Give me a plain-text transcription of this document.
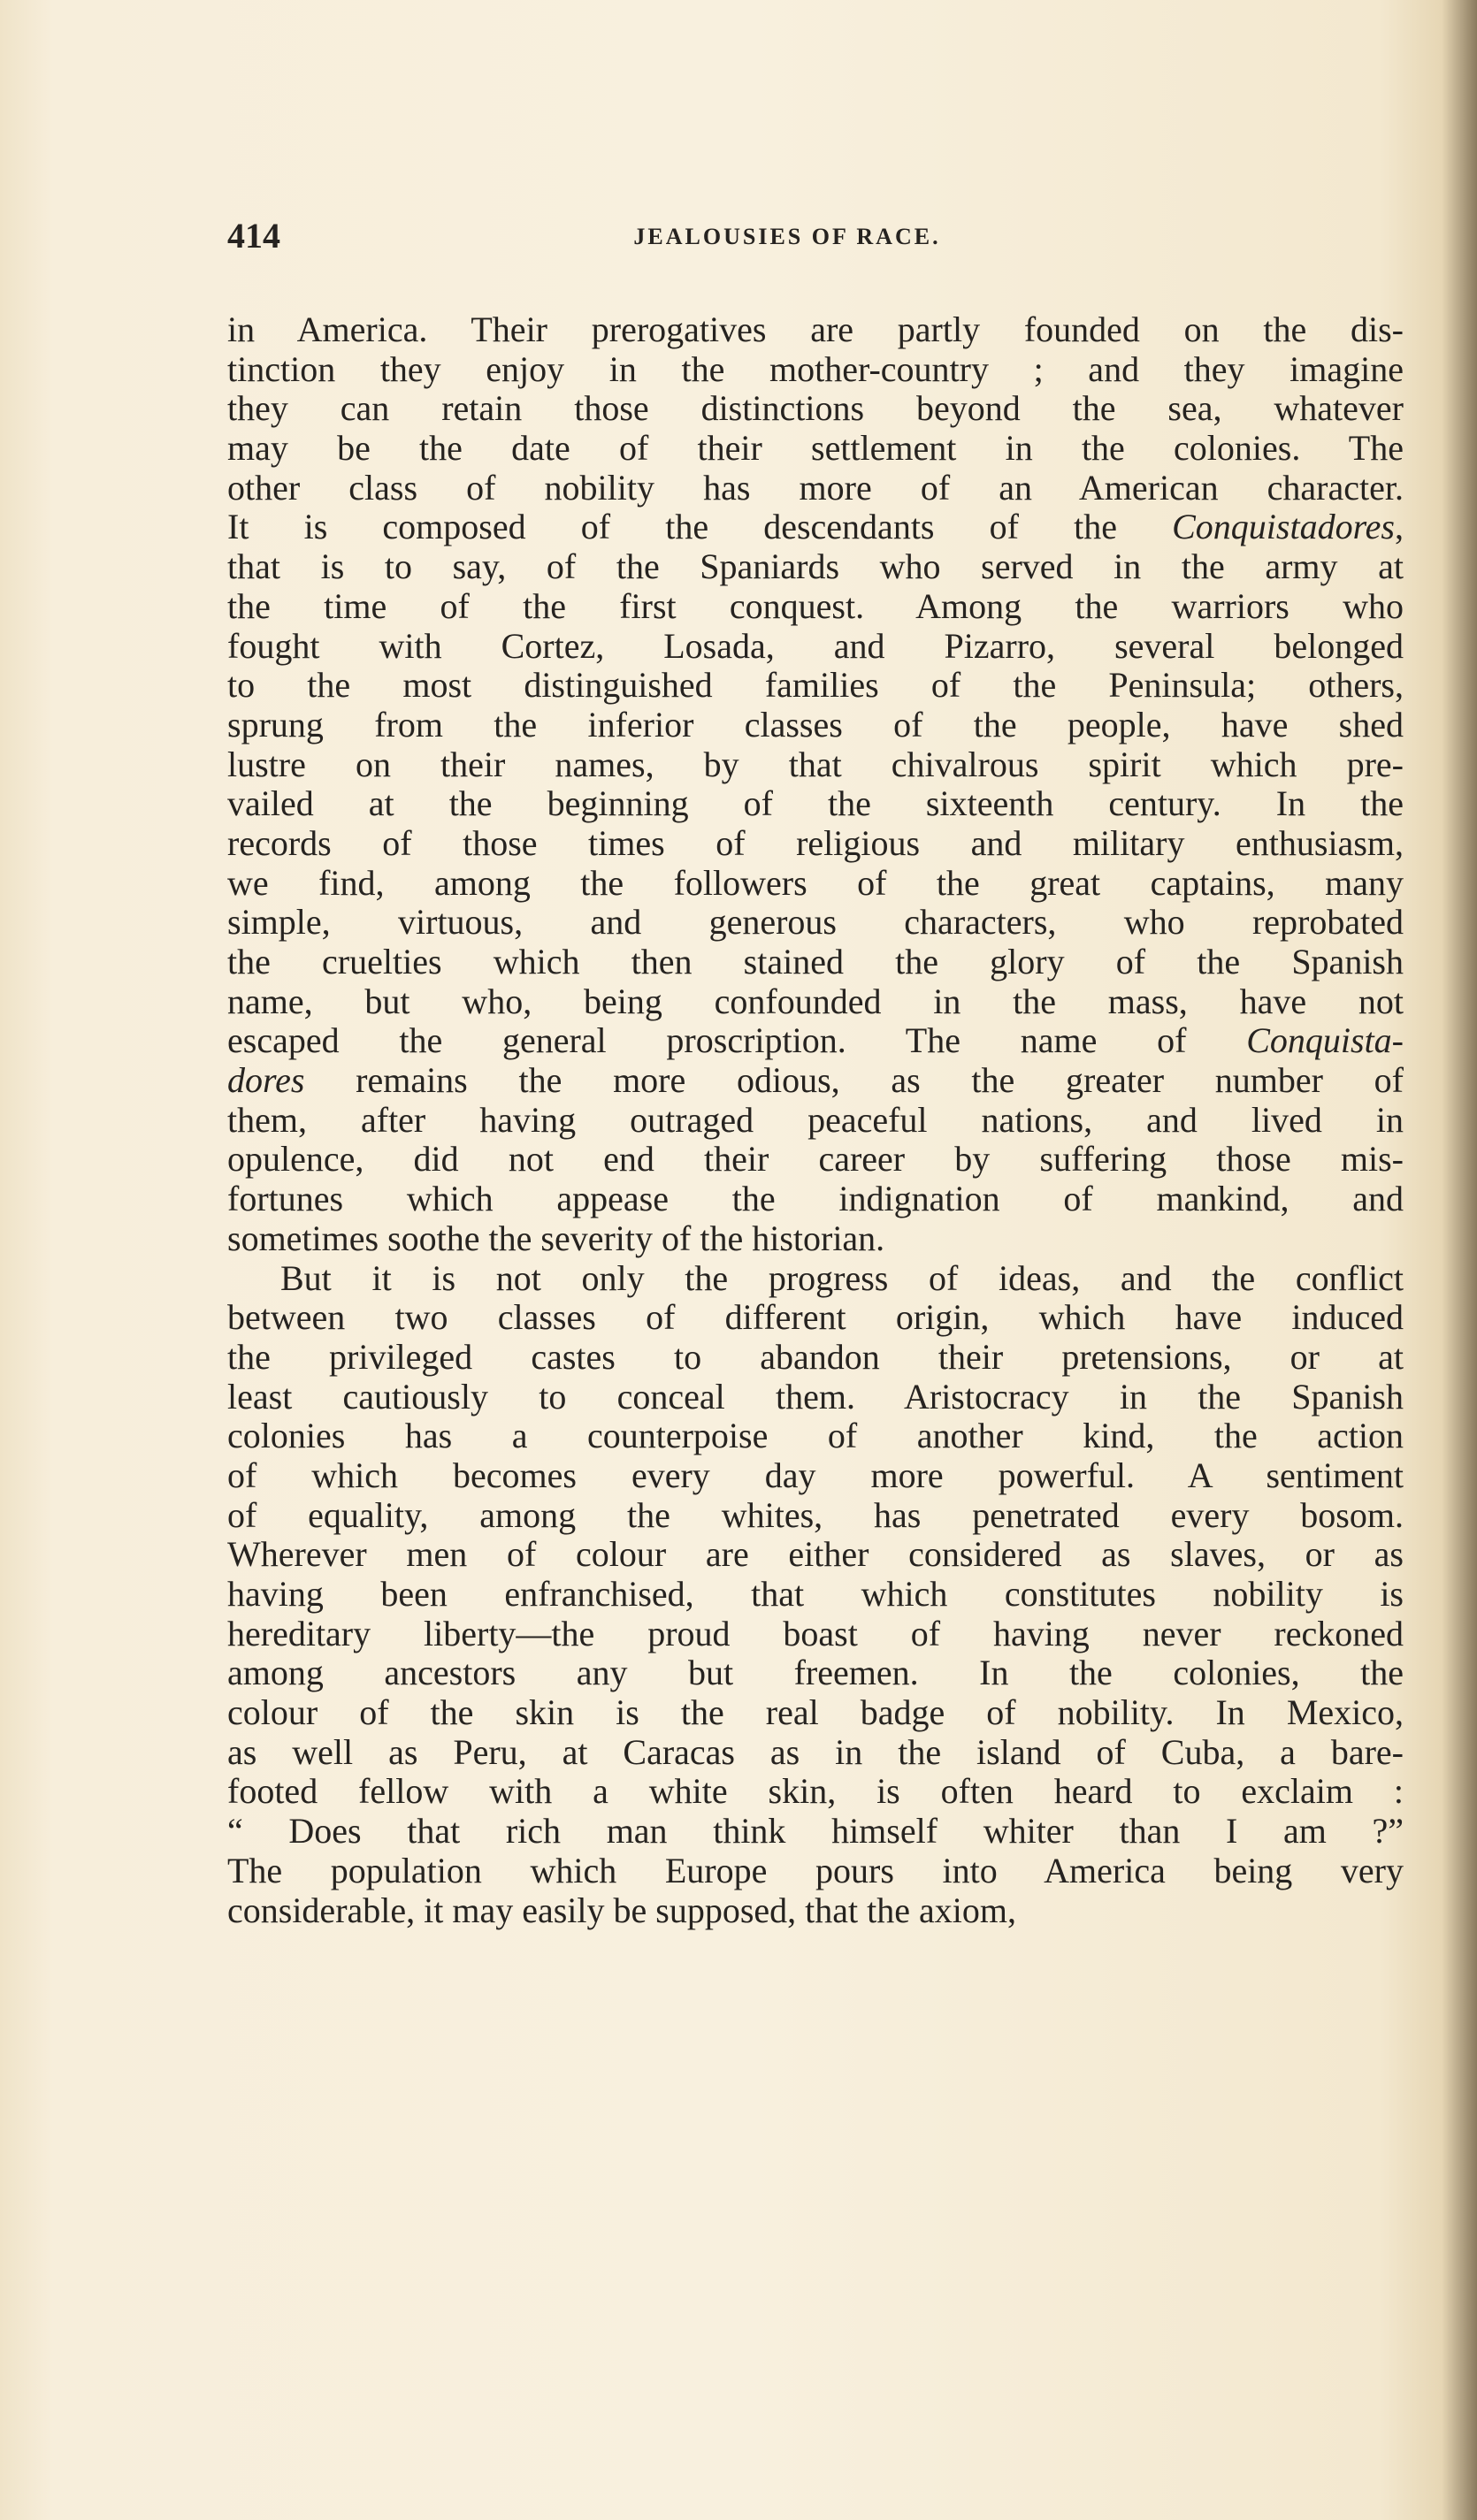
414	JEALOUSIES OF RACE.
in America. Their prerogatives are partly founded on the dis-
tinction they enjoy in the mother-country ; and they imagine
they can retain those distinctions beyond the sea, whatever
may be the date of their settlement in the colonies. The
other class of nobility has more of an American character.
It is composed of the descendants of the Conquistadores,
that is to say, of the Spaniards who served in the army at
the time of the first conquest. Among the warriors who
fought with Cortez, Losada, and Pizarro, several belonged
to the most distinguished families of the Peninsula; others,
sprung from the inferior classes of the people, have shed
lustre on their names, by that chivalrous spirit which pre-
vailed at the beginning of the sixteenth century. In the
records of those times of religious and military enthusiasm,
we find, among the followers of the great captains, many
simple, virtuous, and generous characters, who reprobated
the cruelties which then stained the glory of the Spanish
name, but who, being confounded in the mass, have not
escaped the general proscription. The name of Conquista-
dores remains the more odious, as the greater number of
them, after having outraged peaceful nations, and lived in
opulence, did not end their career by suffering those mis-
fortunes which appease the indignation of mankind, and
sometimes soothe the severity of the historian.
But it is not only the progress of ideas, and the conflict
between two classes of different origin, which have induced
the privileged castes to abandon their pretensions, or at
least cautiously to conceal them. Aristocracy in the Spanish
colonies has a counterpoise of another kind, the action
of which becomes every day more powerful. A sentiment
of equality, among the whites, has penetrated every bosom.
Wherever men of colour are either considered as slaves, or as
having been enfranchised, that which constitutes nobility is
hereditary liberty—the proud boast of having never reckoned
among ancestors any but freemen. In the colonies, the
colour of the skin is the real badge of nobility. In Mexico,
as well as Peru, at Caracas as in the island of Cuba, a bare-
footed fellow with a white skin, is often heard to exclaim :
“ Does that rich man think himself whiter than I am ?”
The population which Europe pours into America being very
considerable, it may easily be supposed, that the axiom,
